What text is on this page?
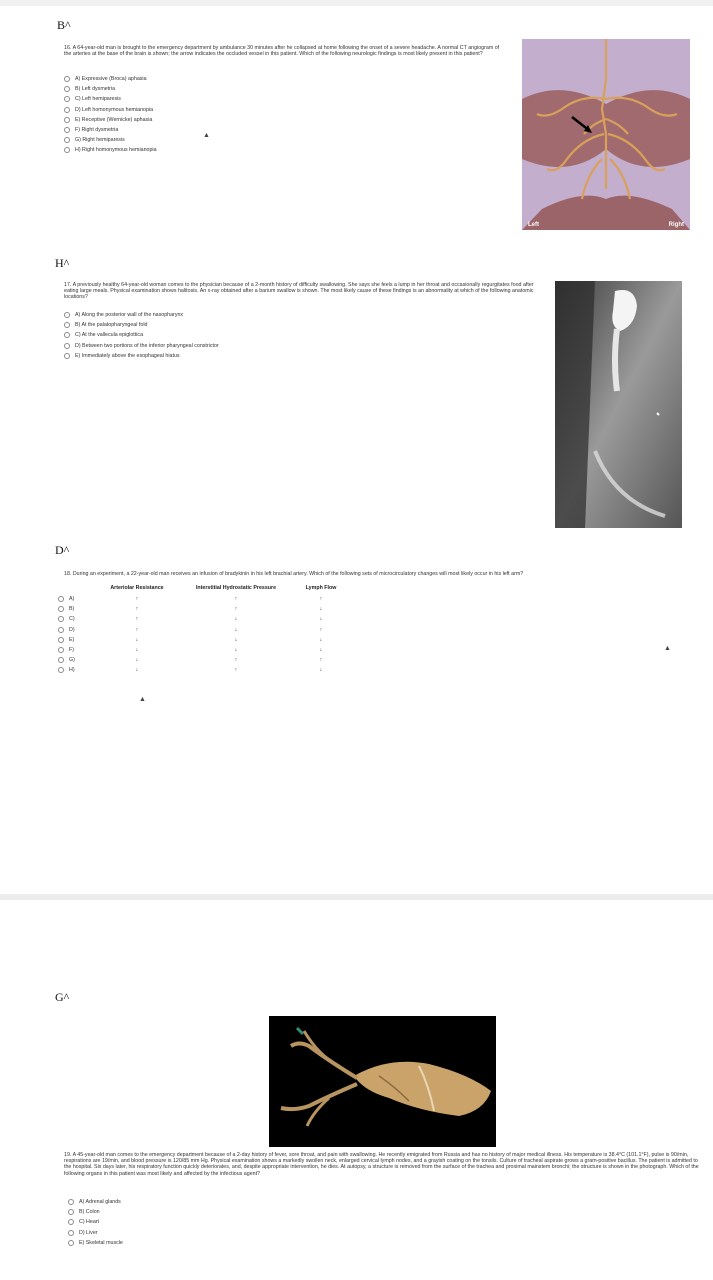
B^
16. A 64-year-old man is brought to the emergency department by ambulance 30 minutes after he collapsed at home following the onset of a severe headache. A normal CT angiogram of the arteries at the base of the brain is shown; the arrow indicates the occluded vessel in this patient. Which of the following neurologic findings is most likely present in this patient?
A) Expressive (Broca) aphasia
B) Left dysmetria
C) Left hemiparesis
D) Left homonymous hemianopia
E) Receptive (Wernicke) aphasia
F) Right dysmetria
G) Right hemiparesis
H) Right homonymous hemianopia
▲
Left	Right
H^
17. A previously healthy 64-year-old woman comes to the physician because of a 2-month history of difficulty swallowing. She says she feels a lump in her throat and occasionally regurgitates food after eating large meals. Physical examination shows halitosis. An x-ray obtained after a barium swallow is shown. The most likely cause of these findings is an abnormality at which of the following anatomic locations?
A) Along the posterior wall of the nasopharynx
B) At the palatopharyngeal fold
C) At the vallecula epiglottica
D) Between two portions of the inferior pharyngeal constrictor
E) Immediately above the esophageal hiatus
D^
18. During an experiment, a 22-year-old man receives an infusion of bradykinin in his left brachial artery. Which of the following sets of microcirculatory changes will most likely occur in his left arm?
	Arteriolar Resistance	Interstitial Hydrostatic Pressure	Lymph Flow

A)	↑	↑	↑

B)	↑	↑	↓

C)	↑	↓	↓

D)	↑	↓	↑

E)	↓	↓	↓

F)	↓	↓	↓

G)	↓	↑	↑

H)	↓	↑	↓
▲
▲
G^
19. A 45-year-old man comes to the emergency department because of a 2-day history of fever, sore throat, and pain with swallowing. He recently emigrated from Russia and has no history of major medical illness. His temperature is 38.4°C (101.1°F), pulse is 90/min, respirations are 19/min, and blood pressure is 120/85 mm Hg. Physical examination shows a markedly swollen neck, enlarged cervical lymph nodes, and a grayish coating on the tonsils. Culture of tracheal aspirate grows a gram-positive bacillus. The patient is admitted to the hospital. Six days later, his respiratory function quickly deteriorates, and, despite appropriate intervention, he dies. At autopsy, a structure is removed from the surface of the trachea and proximal mainstem bronchi; the structure is shown in the photograph. Which of the following organs in this patient was most likely and affected by the infectious agent?
A) Adrenal glands
B) Colon
C) Heart
D) Liver
E) Skeletal muscle
